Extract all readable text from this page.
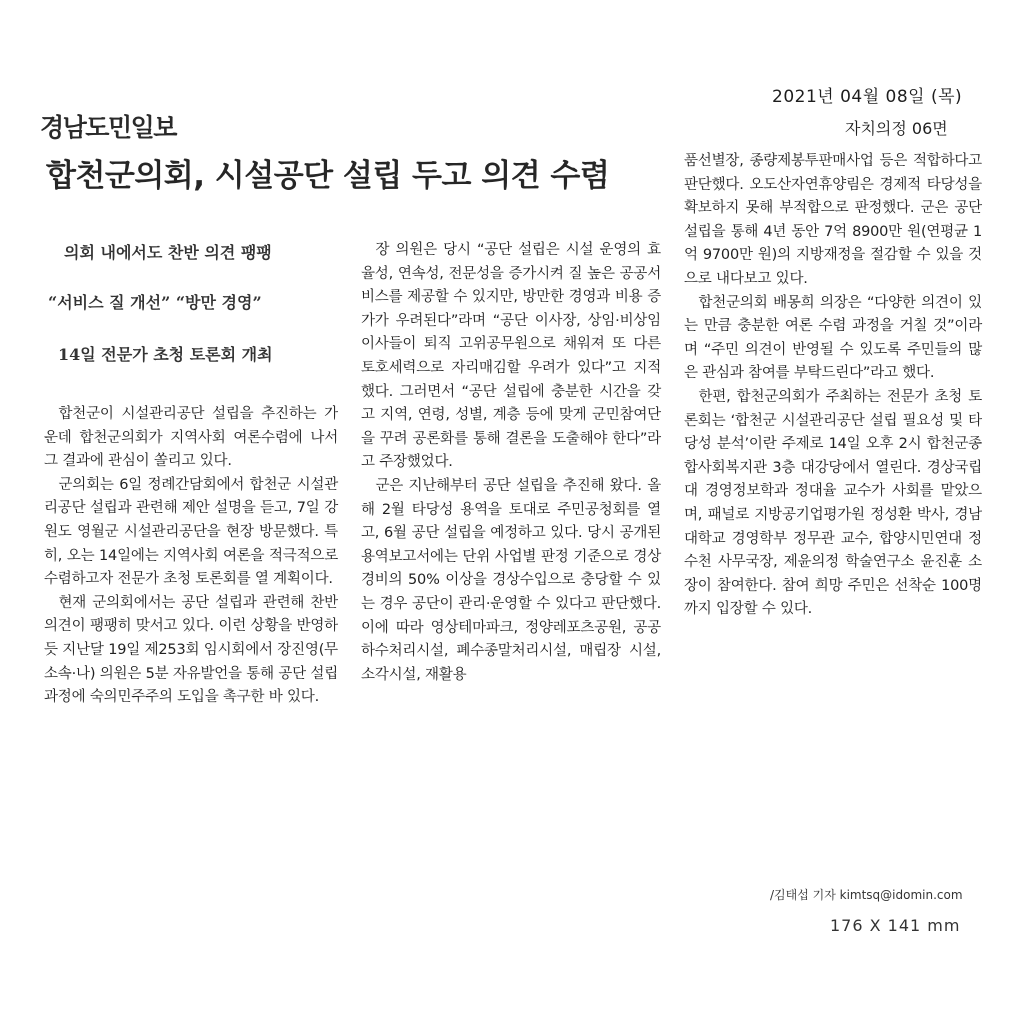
2021년 04월 08일 (목)
자치의정 06면
경남도민일보
합천군의회, 시설공단 설립 두고 의견 수렴
의회 내에서도 찬반 의견 팽팽
“서비스 질 개선” “방만 경영”
14일 전문가 초청 토론회 개최

합천군이 시설관리공단 설립을 추진하는 가운데 합천군의회가 지역사회 여론수렴에 나서 그 결과에 관심이 쏠리고 있다.

군의회는 6일 정례간담회에서 합천군 시설관리공단 설립과 관련해 제안 설명을 듣고, 7일 강원도 영월군 시설관리공단을 현장 방문했다. 특히, 오는 14일에는 지역사회 여론을 적극적으로 수렴하고자 전문가 초청 토론회를 열 계획이다.

현재 군의회에서는 공단 설립과 관련해 찬반 의견이 팽팽히 맞서고 있다. 이런 상황을 반영하듯 지난달 19일 제253회 임시회에서 장진영(무소속·나) 의원은 5분 자유발언을 통해 공단 설립 과정에 숙의민주주의 도입을 촉구한 바 있다.

장 의원은 당시 “공단 설립은 시설 운영의 효율성, 연속성, 전문성을 증가시켜 질 높은 공공서비스를 제공할 수 있지만, 방만한 경영과 비용 증가가 우려된다”라며 “공단 이사장, 상임·비상임 이사들이 퇴직 고위공무원으로 채워져 또 다른 토호세력으로 자리매김할 우려가 있다”고 지적했다. 그러면서 “공단 설립에 충분한 시간을 갖고 지역, 연령, 성별, 계층 등에 맞게 군민참여단을 꾸려 공론화를 통해 결론을 도출해야 한다”라고 주장했었다.

군은 지난해부터 공단 설립을 추진해 왔다. 올해 2월 타당성 용역을 토대로 주민공청회를 열고, 6월 공단 설립을 예정하고 있다. 당시 공개된 용역보고서에는 단위 사업별 판정 기준으로 경상경비의 50% 이상을 경상수입으로 충당할 수 있는 경우 공단이 관리·운영할 수 있다고 판단했다. 이에 따라 영상테마파크, 정양레포츠공원, 공공하수처리시설, 폐수종말처리시설, 매립장 시설, 소각시설, 재활용

품선별장, 종량제봉투판매사업 등은 적합하다고 판단했다. 오도산자연휴양림은 경제적 타당성을 확보하지 못해 부적합으로 판정했다. 군은 공단 설립을 통해 4년 동안 7억 8900만 원(연평균 1억 9700만 원)의 지방재정을 절감할 수 있을 것으로 내다보고 있다.

합천군의회 배몽희 의장은 “다양한 의견이 있는 만큼 충분한 여론 수렴 과정을 거칠 것”이라며 “주민 의견이 반영될 수 있도록 주민들의 많은 관심과 참여를 부탁드린다”라고 했다.

한편, 합천군의회가 주최하는 전문가 초청 토론회는 ‘합천군 시설관리공단 설립 필요성 및 타당성 분석’이란 주제로 14일 오후 2시 합천군종합사회복지관 3층 대강당에서 열린다. 경상국립대 경영정보학과 정대율 교수가 사회를 맡았으며, 패널로 지방공기업평가원 정성환 박사, 경남대학교 경영학부 정무관 교수, 합양시민연대 정수천 사무국장, 제윤의정 학술연구소 윤진훈 소장이 참여한다. 참여 희망 주민은 선착순 100명까지 입장할 수 있다.

/김태섭 기자 kimtsq@idomin.com
176 X 141 mm
